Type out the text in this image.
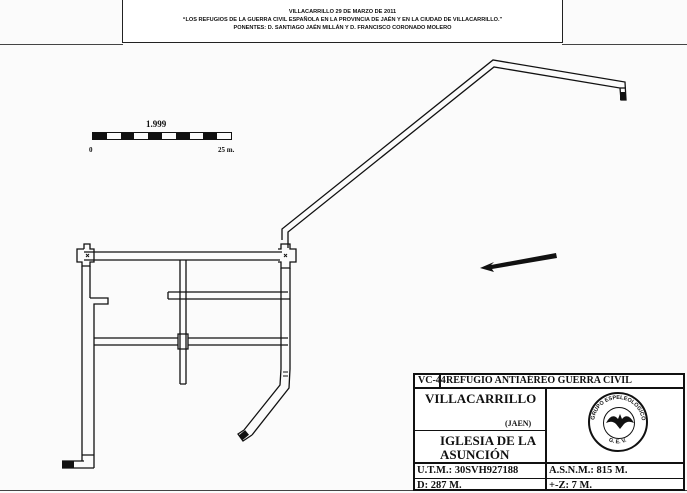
VILLACARRILLO 29 DE MARZO DE 2011
“LOS REFUGIOS DE LA GUERRA CIVIL ESPAÑOLA EN LA PROVINCIA DE JAÉN Y EN LA CIUDAD DE VILLACARRILLO.”
PONENTES: D. SANTIAGO JAÉN MILLÁN Y D. FRANCISCO CORONADO MOLERO
1.999
0	25 m.
VC-44 REFUGIO ANTIAÉREO GUERRA CIVIL
VILLACARRILLO
(JAEN)
IGLESIA DE LA
ASUNCIÓN
U.T.M.: 30SVH927188	A.S.N.M.: 815 M.
D: 287 M.	+-Z: 7 M.
GRUPO ESPELEOLOGICO
G. E. V.
